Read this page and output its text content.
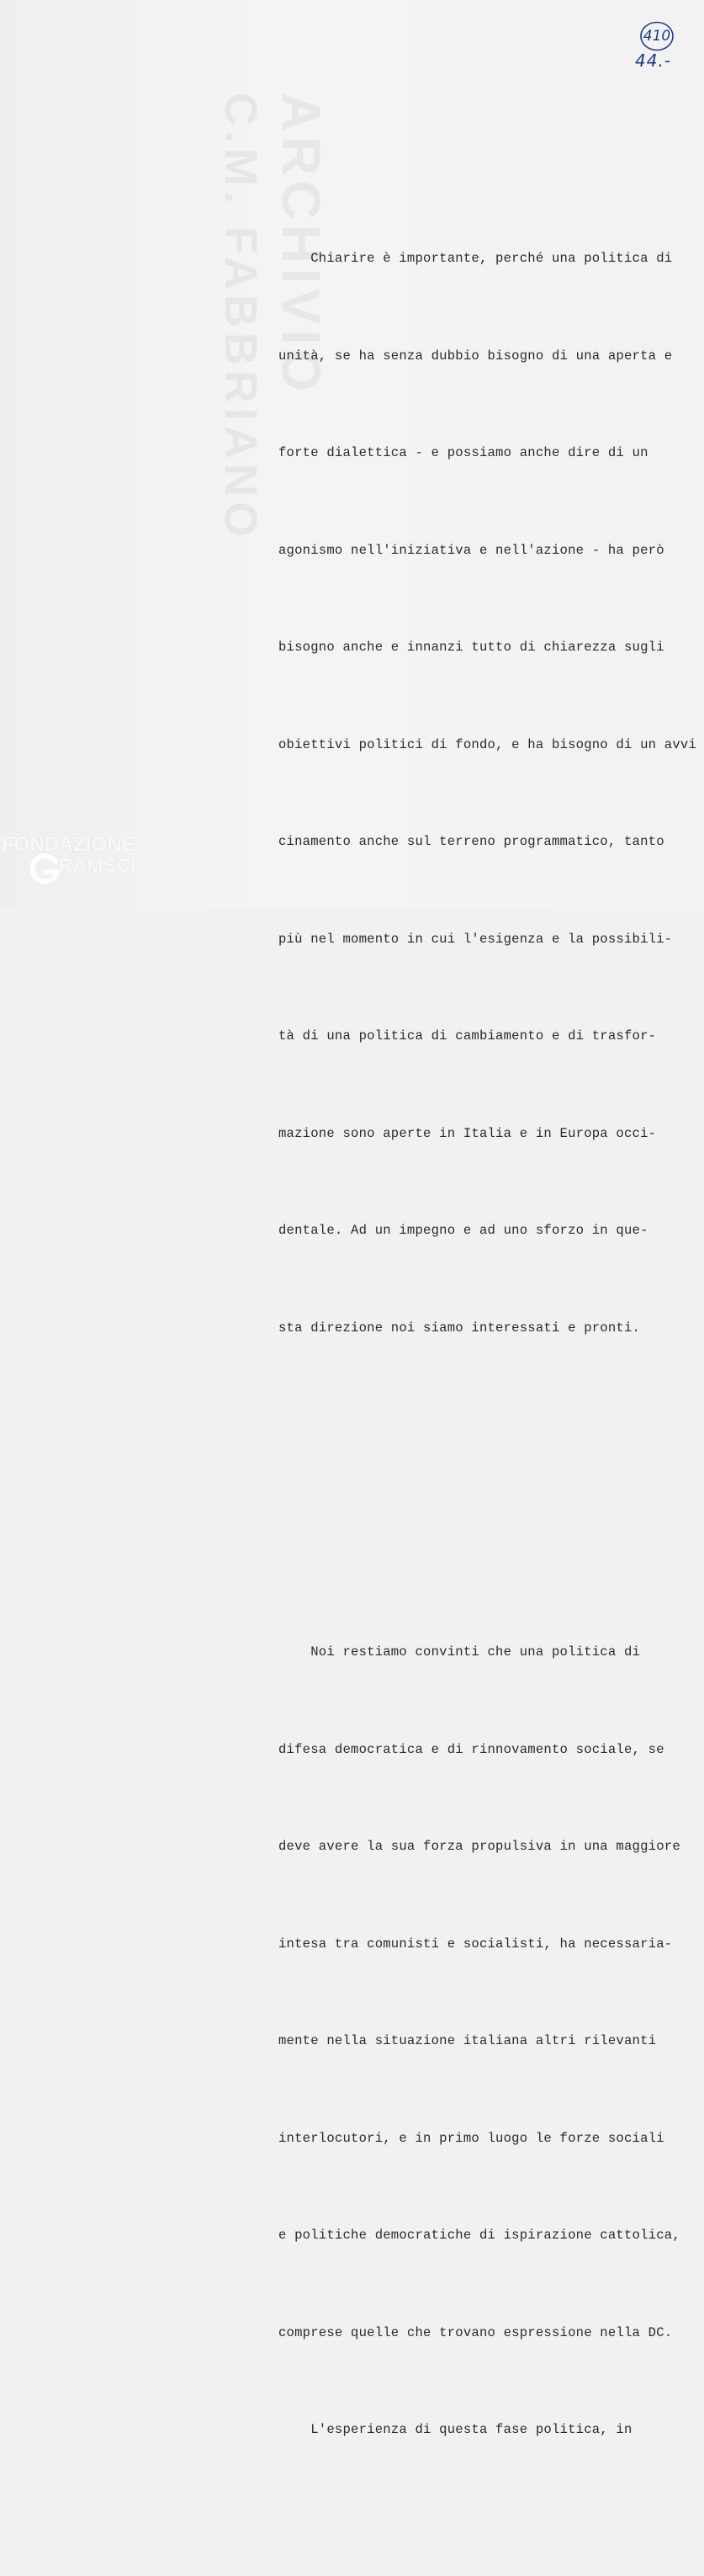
ARCHIVIO
C.M. FABBRIANO
410
44.-

Chiarire è importante, perché una politica di

unità, se ha senza dubbio bisogno di una aperta e

forte dialettica - e possiamo anche dire di un

agonismo nell'iniziativa e nell'azione - ha però

bisogno anche e innanzi tutto di chiarezza sugli

obiettivi politici di fondo, e ha bisogno di un avvi

cinamento anche sul terreno programmatico, tanto

più nel momento in cui l'esigenza e la possibili-

tà di una politica di cambiamento e di trasfor-

mazione sono aperte in Italia e in Europa occi-

dentale. Ad un impegno e ad uno sforzo in que-

sta direzione noi siamo interessati e pronti.

Noi restiamo convinti che una politica di

difesa democratica e di rinnovamento sociale, se

deve avere la sua forza propulsiva in una maggiore

intesa tra comunisti e socialisti, ha necessaria-

mente nella situazione italiana altri rilevanti

interlocutori, e in primo luogo le forze sociali

e politiche democratiche di ispirazione cattolica,

comprese quelle che trovano espressione nella DC.

L'esperienza di questa fase politica, in

FONDAZIONE
RAMSCI
